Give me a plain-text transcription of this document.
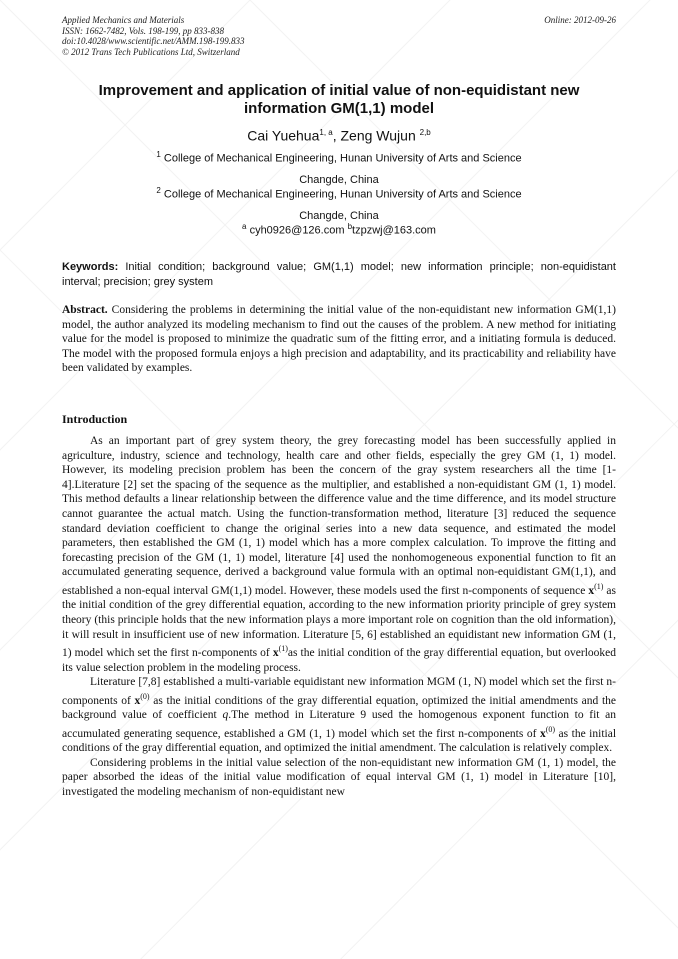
Applied Mechanics and Materials
ISSN: 1662-7482, Vols. 198-199, pp 833-838
doi:10.4028/www.scientific.net/AMM.198-199.833
© 2012 Trans Tech Publications Ltd, Switzerland
Online: 2012-09-26
Improvement and application of initial value of non-equidistant new information GM(1,1) model
Cai Yuehua$^{1, a}$, Zeng Wujun $^{2,b}$
$^1$ College of Mechanical Engineering, Hunan University of Arts and Science
Changde, China
$^2$ College of Mechanical Engineering, Hunan University of Arts and Science
Changde, China
$^a$ cyh0926@126.com $^b$tzpzwj@163.com
Keywords: Initial condition; background value; GM(1,1) model; new information principle; non-equidistant interval; precision; grey system
Abstract. Considering the problems in determining the initial value of the non-equidistant new information GM(1,1) model, the author analyzed its modeling mechanism to find out the causes of the problem. A new method for initiating value for the model is proposed to minimize the quadratic sum of the fitting error, and a initiating formula is deduced. The model with the proposed formula enjoys a high precision and adaptability, and its practicability and reliability have been validated by examples.
Introduction

As an important part of grey system theory, the grey forecasting model has been successfully applied in agriculture, industry, science and technology, health care and other fields, especially the grey GM (1, 1) model. However, its modeling precision problem has been the concern of the gray system researchers all the time [1-4].Literature [2] set the spacing of the sequence as the multiplier, and established a non-equidistant GM (1, 1) model. This method defaults a linear relationship between the difference value and the time difference, and its model structure cannot guarantee the actual match. Using the function-transformation method, literature [3] reduced the sequence standard deviation coefficient to change the original series into a new data sequence, and estimated the model parameters, then established the GM (1, 1) model which has a more complex calculation. To improve the fitting and forecasting precision of the GM (1, 1) model, literature [4] used the nonhomogeneous exponential function to fit an accumulated generating sequence, derived a background value formula with an optimal non-equidistant GM(1,1), and established a non-equal interval GM(1,1) model. However, these models used the first n-components of sequence $x^{(1)}$ as the initial condition of the grey differential equation, according to the new information priority principle of grey system theory (this principle holds that the new information plays a more important role on cognition than the old information), it will result in insufficient use of new information. Literature [5, 6] established an equidistant new information GM (1, 1) model which set the first n-components of $x^{(1)}as$ the initial condition of the gray differential equation, but overlooked its value selection problem in the modeling process.

Literature [7,8] established a multi-variable equidistant new information MGM (1, N) model which set the first n-components of $x^{(0)}$ as the initial conditions of the gray differential equation, optimized the initial amendments and the background value of coefficient q.The method in Literature 9 used the homogenous exponent function to fit an accumulated generating sequence, established a GM (1, 1) model which set the first n-components of $x^{(0)}$ as the initial conditions of the gray differential equation, and optimized the initial amendment. The calculation is relatively complex.

Considering problems in the initial value selection of the non-equidistant new information GM (1, 1) model, the paper absorbed the ideas of the initial value modification of equal interval GM (1, 1) model in Literature [10], investigated the modeling mechanism of non-equidistant new
